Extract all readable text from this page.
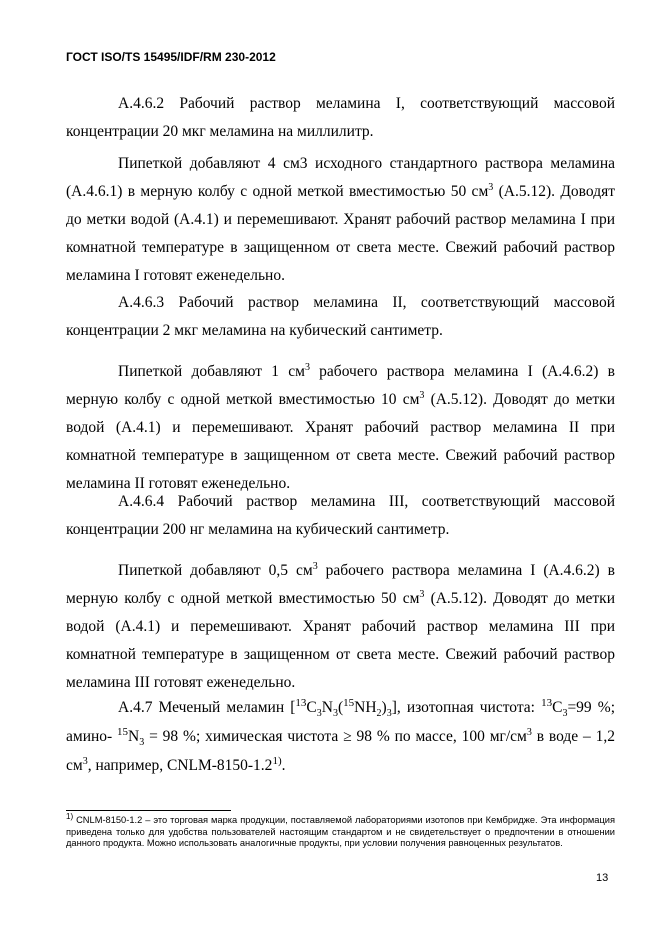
ГОСТ ISO/TS 15495/IDF/RM 230-2012

А.4.6.2 Рабочий раствор меламина I, соответствующий массовой концентрации 20 мкг меламина на миллилитр.

Пипеткой добавляют 4 см3 исходного стандартного раствора меламина (А.4.6.1) в мерную колбу с одной меткой вместимостью 50 $см^3$ (А.5.12). Доводят до метки водой (А.4.1) и перемешивают. Хранят рабочий раствор меламина I при комнатной температуре в защищенном от света месте. Свежий рабочий раствор меламина I готовят еженедельно.

А.4.6.3 Рабочий раствор меламина II, соответствующий массовой концентрации 2 мкг меламина на кубический сантиметр.

Пипеткой добавляют 1 $см^3$ рабочего раствора меламина I (А.4.6.2) в мерную колбу с одной меткой вместимостью 10 $см^3$ (А.5.12). Доводят до метки водой (А.4.1) и перемешивают. Хранят рабочий раствор меламина II при комнатной температуре в защищенном от света месте. Свежий рабочий раствор меламина II готовят еженедельно.

А.4.6.4 Рабочий раствор меламина III, соответствующий массовой концентрации 200 нг меламина на кубический сантиметр.

Пипеткой добавляют 0,5 $см^3$ рабочего раствора меламина I (А.4.6.2) в мерную колбу с одной меткой вместимостью 50 $см^3$ (А.5.12). Доводят до метки водой (А.4.1) и перемешивают. Хранят рабочий раствор меламина III при комнатной температуре в защищенном от света месте. Свежий рабочий раствор меламина III готовят еженедельно.

А.4.7 Меченый меламин $[^{13}C_3N_3(^{15}NH_2)_3]$, изотопная чистота: $^{13}C_3=99$ %; амино- $^{15}N_3 = 98$ %; химическая чистота ≥ 98 % по массе, 100 $мг/см^3$ в воде – 1,2 $см^3$, например, CNLM-8150-1.2$^{1)}$.

$^{1)}$ CNLM-8150-1.2 – это торговая марка продукции, поставляемой лабораториями изотопов при Кембридже. Эта информация приведена только для удобства пользователей настоящим стандартом и не свидетельствует о предпочтении в отношении данного продукта. Можно использовать аналогичные продукты, при условии получения равноценных результатов.

13
